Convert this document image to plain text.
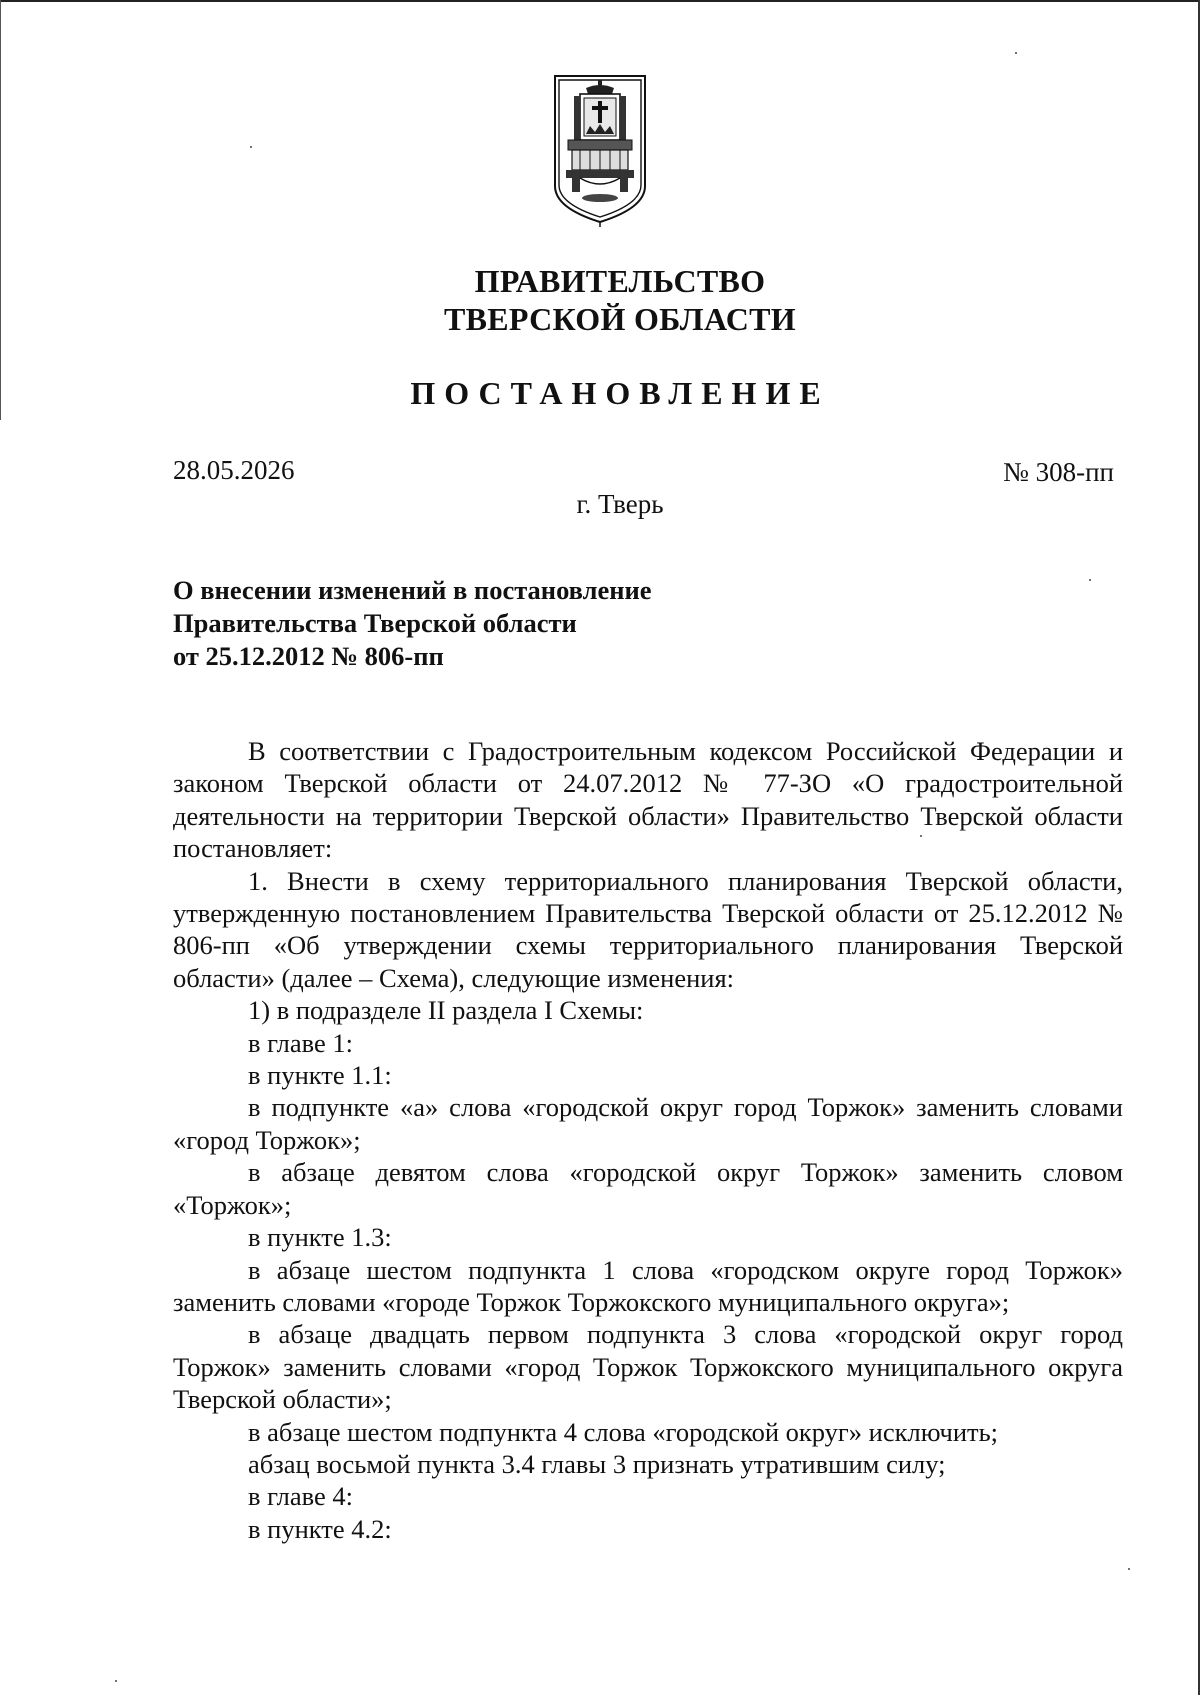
ПРАВИТЕЛЬСТВО
ТВЕРСКОЙ ОБЛАСТИ
ПОСТАНОВЛЕНИЕ
28.05.2026	№ 308-пп
г. Тверь
О внесении изменений в постановление
Правительства Тверской области
от 25.12.2012 № 806-пп

В соответствии с Градостроительным кодексом Российской Федерации и законом Тверской области от 24.07.2012 № 77-ЗО «О градостроительной деятельности на территории Тверской области» Правительство Тверской области постановляет:

1. Внести в схему территориального планирования Тверской области, утвержденную постановлением Правительства Тверской области от 25.12.2012 № 806-пп «Об утверждении схемы территориального планирования Тверской области» (далее – Схема), следующие изменения:

1) в подразделе II раздела I Схемы:

в главе 1:

в пункте 1.1:

в подпункте «а» слова «городской округ город Торжок» заменить словами «город Торжок»;

в абзаце девятом слова «городской округ Торжок» заменить словом «Торжок»;

в пункте 1.3:

в абзаце шестом подпункта 1 слова «городском округе город Торжок» заменить словами «городе Торжок Торжокского муниципального округа»;

в абзаце двадцать первом подпункта 3 слова «городской округ город Торжок» заменить словами «город Торжок Торжокского муниципального округа Тверской области»;

в абзаце шестом подпункта 4 слова «городской округ» исключить;

абзац восьмой пункта 3.4 главы 3 признать утратившим силу;

в главе 4:

в пункте 4.2:
